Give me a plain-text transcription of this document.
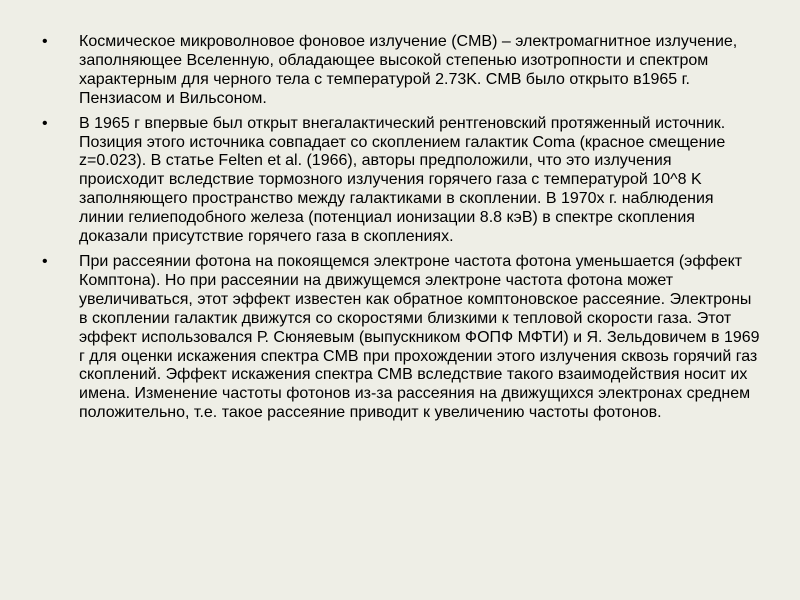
• Космическое микроволновое фоновое излучение (CMB) – электромагнитное излучение, заполняющее Вселенную, обладающее высокой степенью изотропности и спектром характерным для черного тела с температурой 2.73K. CMB было открыто в1965 г. Пензиасом и Вильсоном.
• В 1965 г впервые был открыт внегалактический рентгеновский протяженный источник. Позиция этого источника совпадает со скоплением галактик Coma (красное смещение z=0.023). В статье Felten et al. (1966), авторы предположили, что это излучения происходит вследствие тормозного излучения горячего газа с температурой 10^8 K заполняющего пространство между галактиками в скоплении. В 1970х г. наблюдения линии гелиеподобного железа (потенциал ионизации 8.8 кэВ) в спектре скопления доказали присутствие горячего газа в скоплениях.
• При рассеянии фотона на покоящемся электроне частота фотона уменьшается (эффект Комптона). Но при рассеянии на движущемся электроне частота фотона может увеличиваться, этот эффект известен как обратное комптоновское рассеяние. Электроны в скоплении галактик движутся со скоростями близкими к тепловой скорости газа. Этот эффект использовался Р. Сюняевым (выпускником ФОПФ МФТИ) и Я. Зельдовичем в 1969 г для оценки искажения спектра CMB при прохождении этого излучения сквозь горячий газ скоплений. Эффект искажения спектра CMB вследствие такого взаимодействия носит их имена. Изменение частоты фотонов из-за рассеяния на движущихся электронах среднем положительно, т.е. такое рассеяние приводит к увеличению частоты фотонов.
